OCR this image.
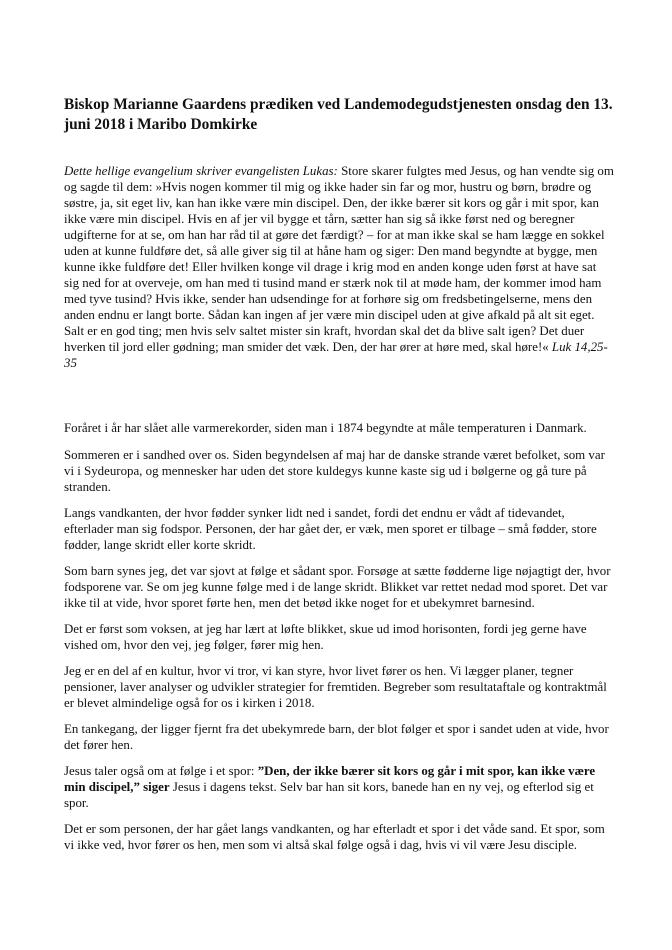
Biskop Marianne Gaardens prædiken ved Landemodegudstjenesten onsdag den 13. juni 2018 i Maribo Domkirke

Dette hellige evangelium skriver evangelisten Lukas: Store skarer fulgtes med Jesus, og han vendte sig om og sagde til dem: »Hvis nogen kommer til mig og ikke hader sin far og mor, hustru og børn, brødre og søstre, ja, sit eget liv, kan han ikke være min discipel. Den, der ikke bærer sit kors og går i mit spor, kan ikke være min discipel. Hvis en af jer vil bygge et tårn, sætter han sig så ikke først ned og beregner udgifterne for at se, om han har råd til at gøre det færdigt? – for at man ikke skal se ham lægge en sokkel uden at kunne fuldføre det, så alle giver sig til at håne ham og siger: Den mand begyndte at bygge, men kunne ikke fuldføre det! Eller hvilken konge vil drage i krig mod en anden konge uden først at have sat sig ned for at overveje, om han med ti tusind mand er stærk nok til at møde ham, der kommer imod ham med tyve tusind? Hvis ikke, sender han udsendinge for at forhøre sig om fredsbetingelserne, mens den anden endnu er langt borte. Sådan kan ingen af jer være min discipel uden at give afkald på alt sit eget. Salt er en god ting; men hvis selv saltet mister sin kraft, hvordan skal det da blive salt igen? Det duer hverken til jord eller gødning; man smider det væk. Den, der har ører at høre med, skal høre!« Luk 14,25-35

Foråret i år har slået alle varmerekorder, siden man i 1874 begyndte at måle temperaturen i Danmark.

Sommeren er i sandhed over os. Siden begyndelsen af maj har de danske strande været befolket, som var vi i Sydeuropa, og mennesker har uden det store kuldegys kunne kaste sig ud i bølgerne og gå ture på stranden.

Langs vandkanten, der hvor fødder synker lidt ned i sandet, fordi det endnu er vådt af tidevandet, efterlader man sig fodspor. Personen, der har gået der, er væk, men sporet er tilbage – små fødder, store fødder, lange skridt eller korte skridt.

Som barn synes jeg, det var sjovt at følge et sådant spor. Forsøge at sætte fødderne lige nøjagtigt der, hvor fodsporene var. Se om jeg kunne følge med i de lange skridt. Blikket var rettet nedad mod sporet. Det var ikke til at vide, hvor sporet førte hen, men det betød ikke noget for et ubekymret barnesind.

Det er først som voksen, at jeg har lært at løfte blikket, skue ud imod horisonten, fordi jeg gerne have vished om, hvor den vej, jeg følger, fører mig hen.

Jeg er en del af en kultur, hvor vi tror, vi kan styre, hvor livet fører os hen. Vi lægger planer, tegner pensioner, laver analyser og udvikler strategier for fremtiden. Begreber som resultataftale og kontraktmål er blevet almindelige også for os i kirken i 2018.

En tankegang, der ligger fjernt fra det ubekymrede barn, der blot følger et spor i sandet uden at vide, hvor det fører hen.

Jesus taler også om at følge i et spor: ”Den, der ikke bærer sit kors og går i mit spor, kan ikke være min discipel,” siger Jesus i dagens tekst. Selv bar han sit kors, banede han en ny vej, og efterlod sig et spor.

Det er som personen, der har gået langs vandkanten, og har efterladt et spor i det våde sand. Et spor, som vi ikke ved, hvor fører os hen, men som vi altså skal følge også i dag, hvis vi vil være Jesu disciple.
